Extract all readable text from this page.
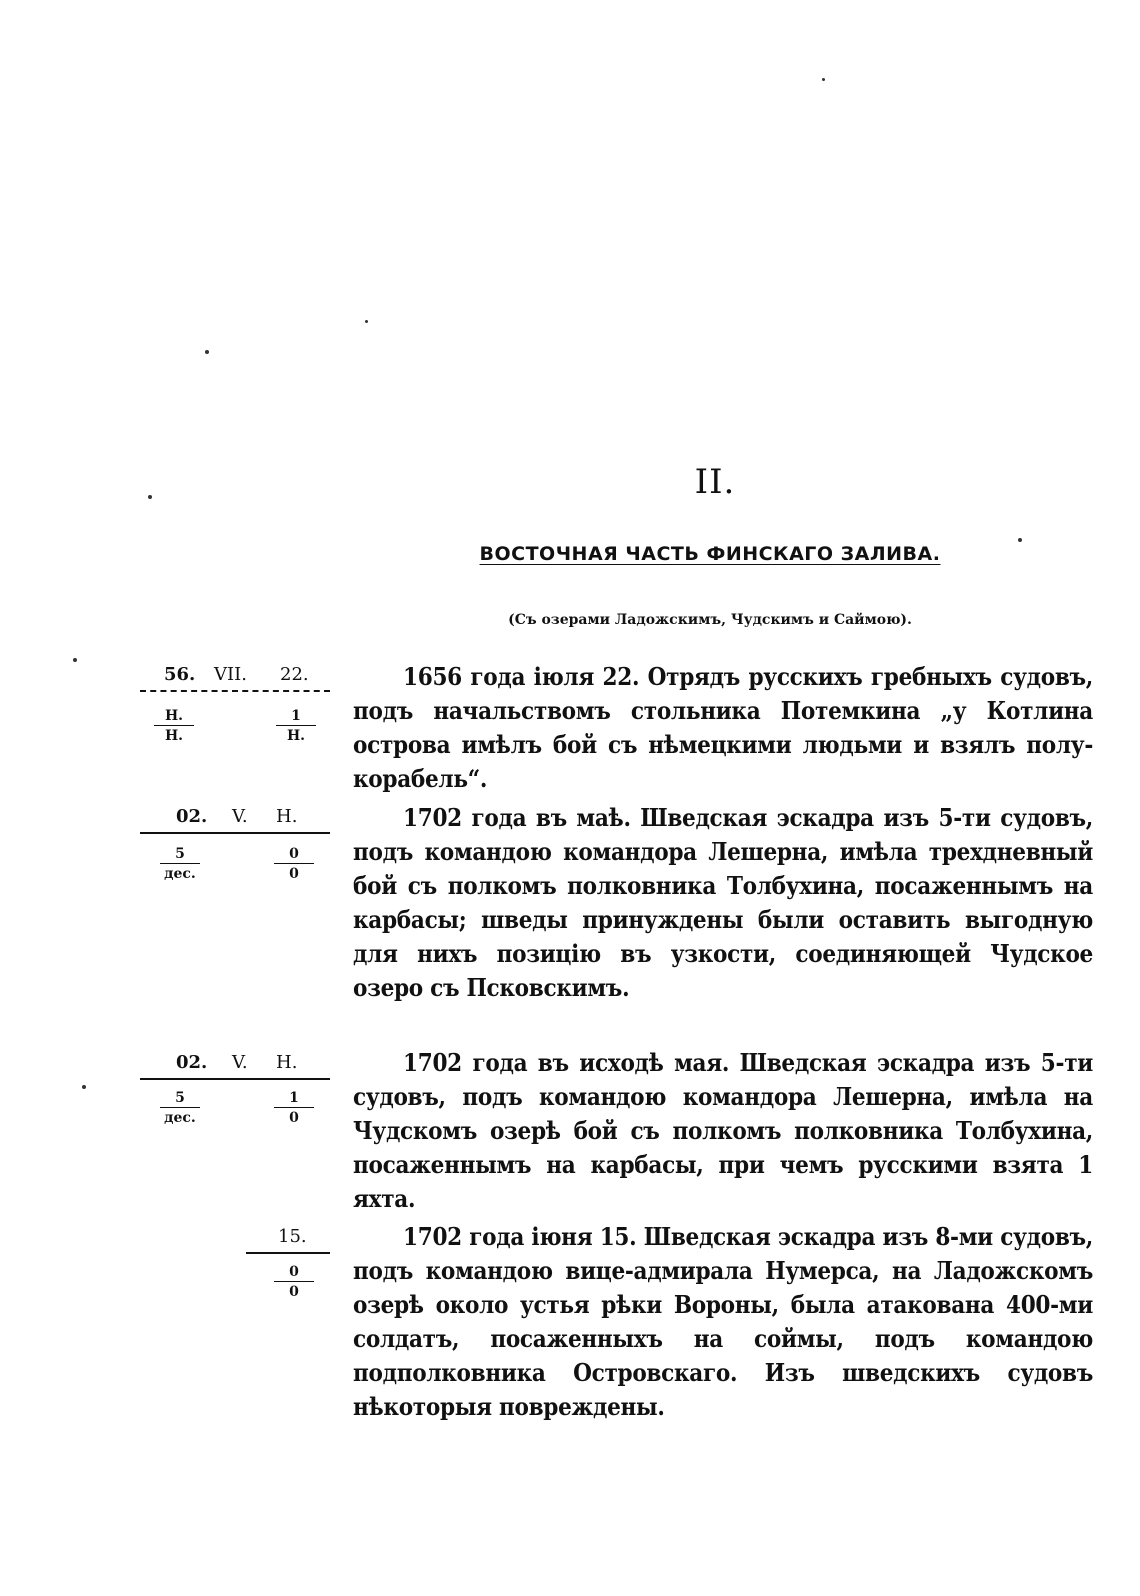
II.
ВОСТОЧНАЯ ЧАСТЬ ФИНСКАГО ЗАЛИВА.
(Съ озерами Ладожскимъ, Чудскимъ и Саймою).
56. VII. 22.
Н.
Н.
1
Н.
1656 года іюля 22. Отрядъ русскихъ гребныхъ судовъ, подъ начальствомъ стольника Потемкина „у Котлина острова имѣлъ бой съ нѣмецкими людьми и взялъ полу-корабель“.
02. V. Н.
5
дес.	$\frac{0}{0}$
1702 года въ маѣ. Шведская эскадра изъ 5-ти судовъ, подъ командою командора Лешерна, имѣла трехдневный бой съ полкомъ полковника Толбухина, посаженнымъ на карбасы; шведы принуждены были оставить выгодную для нихъ позицію въ узкости, соединяющей Чудское озеро съ Псковскимъ.
02. V. Н.
5
дес.	$\frac{1}{0}$
1702 года въ исходѣ мая. Шведская эскадра изъ 5-ти судовъ, подъ командою командора Лешерна, имѣла на Чудскомъ озерѣ бой съ полкомъ полковника Толбухина, посаженнымъ на карбасы, при чемъ русскими взята 1 яхта.
15.
$\frac{0}{0}$
1702 года іюня 15. Шведская эскадра изъ 8-ми судовъ, подъ командою вице-адмирала Нумерса, на Ладожскомъ озерѣ около устья рѣки Вороны, была атакована 400-ми солдатъ, посаженныхъ на соймы, подъ командою подполковника Островскаго. Изъ шведскихъ судовъ нѣкоторыя повреждены.
